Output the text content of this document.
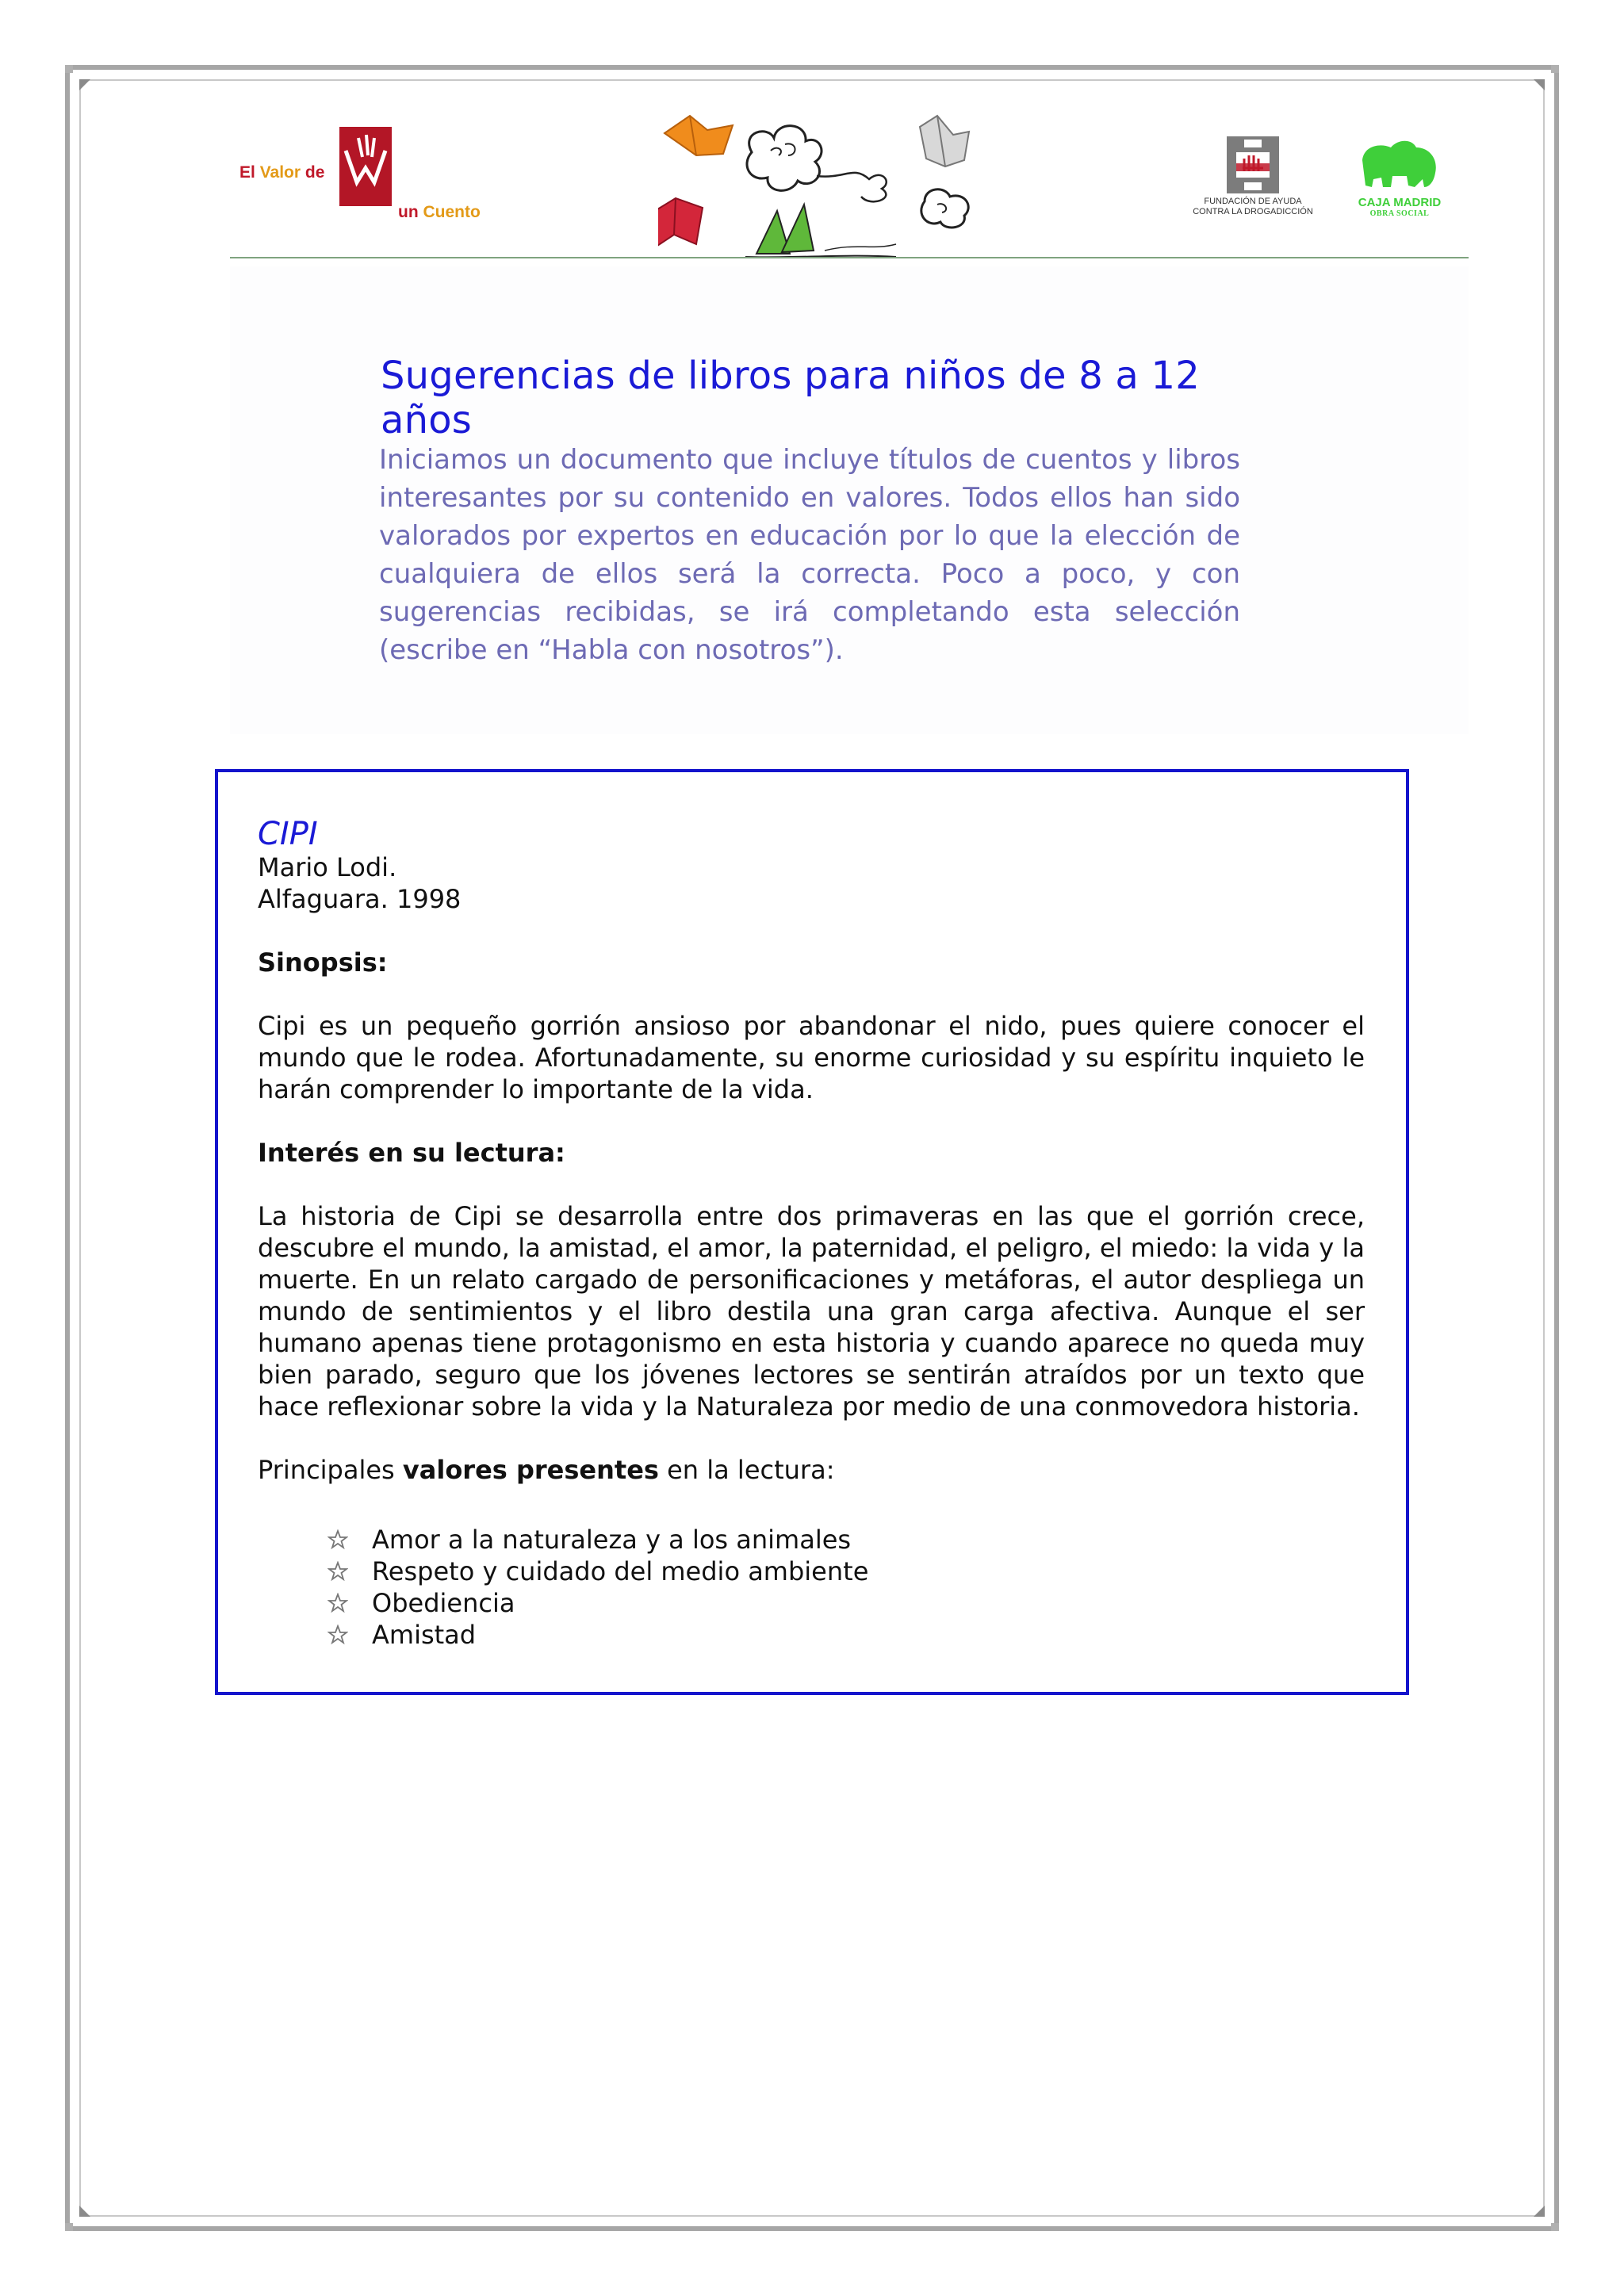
El Valor de
un Cuento
FUNDACIÓN DE AYUDA
CONTRA LA DROGADICCIÓN
CAJA MADRID
OBRA SOCIAL
Sugerencias de libros para niños de 8 a 12 años

Iniciamos un documento que incluye títulos de cuentos y libros interesantes por su contenido en valores. Todos ellos han sido valorados por expertos en educación por lo que la elección de cualquiera de ellos será la correcta. Poco a poco, y con sugerencias recibidas, se irá completando esta selección (escribe en “Habla con nosotros”).

CIPI

Mario Lodi.

Alfaguara. 1998

Sinopsis:

Cipi es un pequeño gorrión ansioso por abandonar el nido, pues quiere conocer el mundo que le rodea. Afortunadamente, su enorme curiosidad y su espíritu inquieto le harán comprender lo importante de la vida.

Interés en su lectura:

La historia de Cipi se desarrolla entre dos primaveras en las que el gorrión crece, descubre el mundo, la amistad, el amor, la paternidad, el peligro, el miedo: la vida y la muerte. En un relato cargado de personificaciones y metáforas, el autor despliega un mundo de sentimientos y el libro destila una gran carga afectiva. Aunque el ser humano apenas tiene protagonismo en esta historia y cuando aparece no queda muy bien parado, seguro que los jóvenes lectores se sentirán atraídos por un texto que hace reflexionar sobre la vida y la Naturaleza por medio de una conmovedora historia.

Principales valores presentes en la lectura:

Amor a la naturaleza y a los animales
Respeto y cuidado del medio ambiente
Obediencia
Amistad
